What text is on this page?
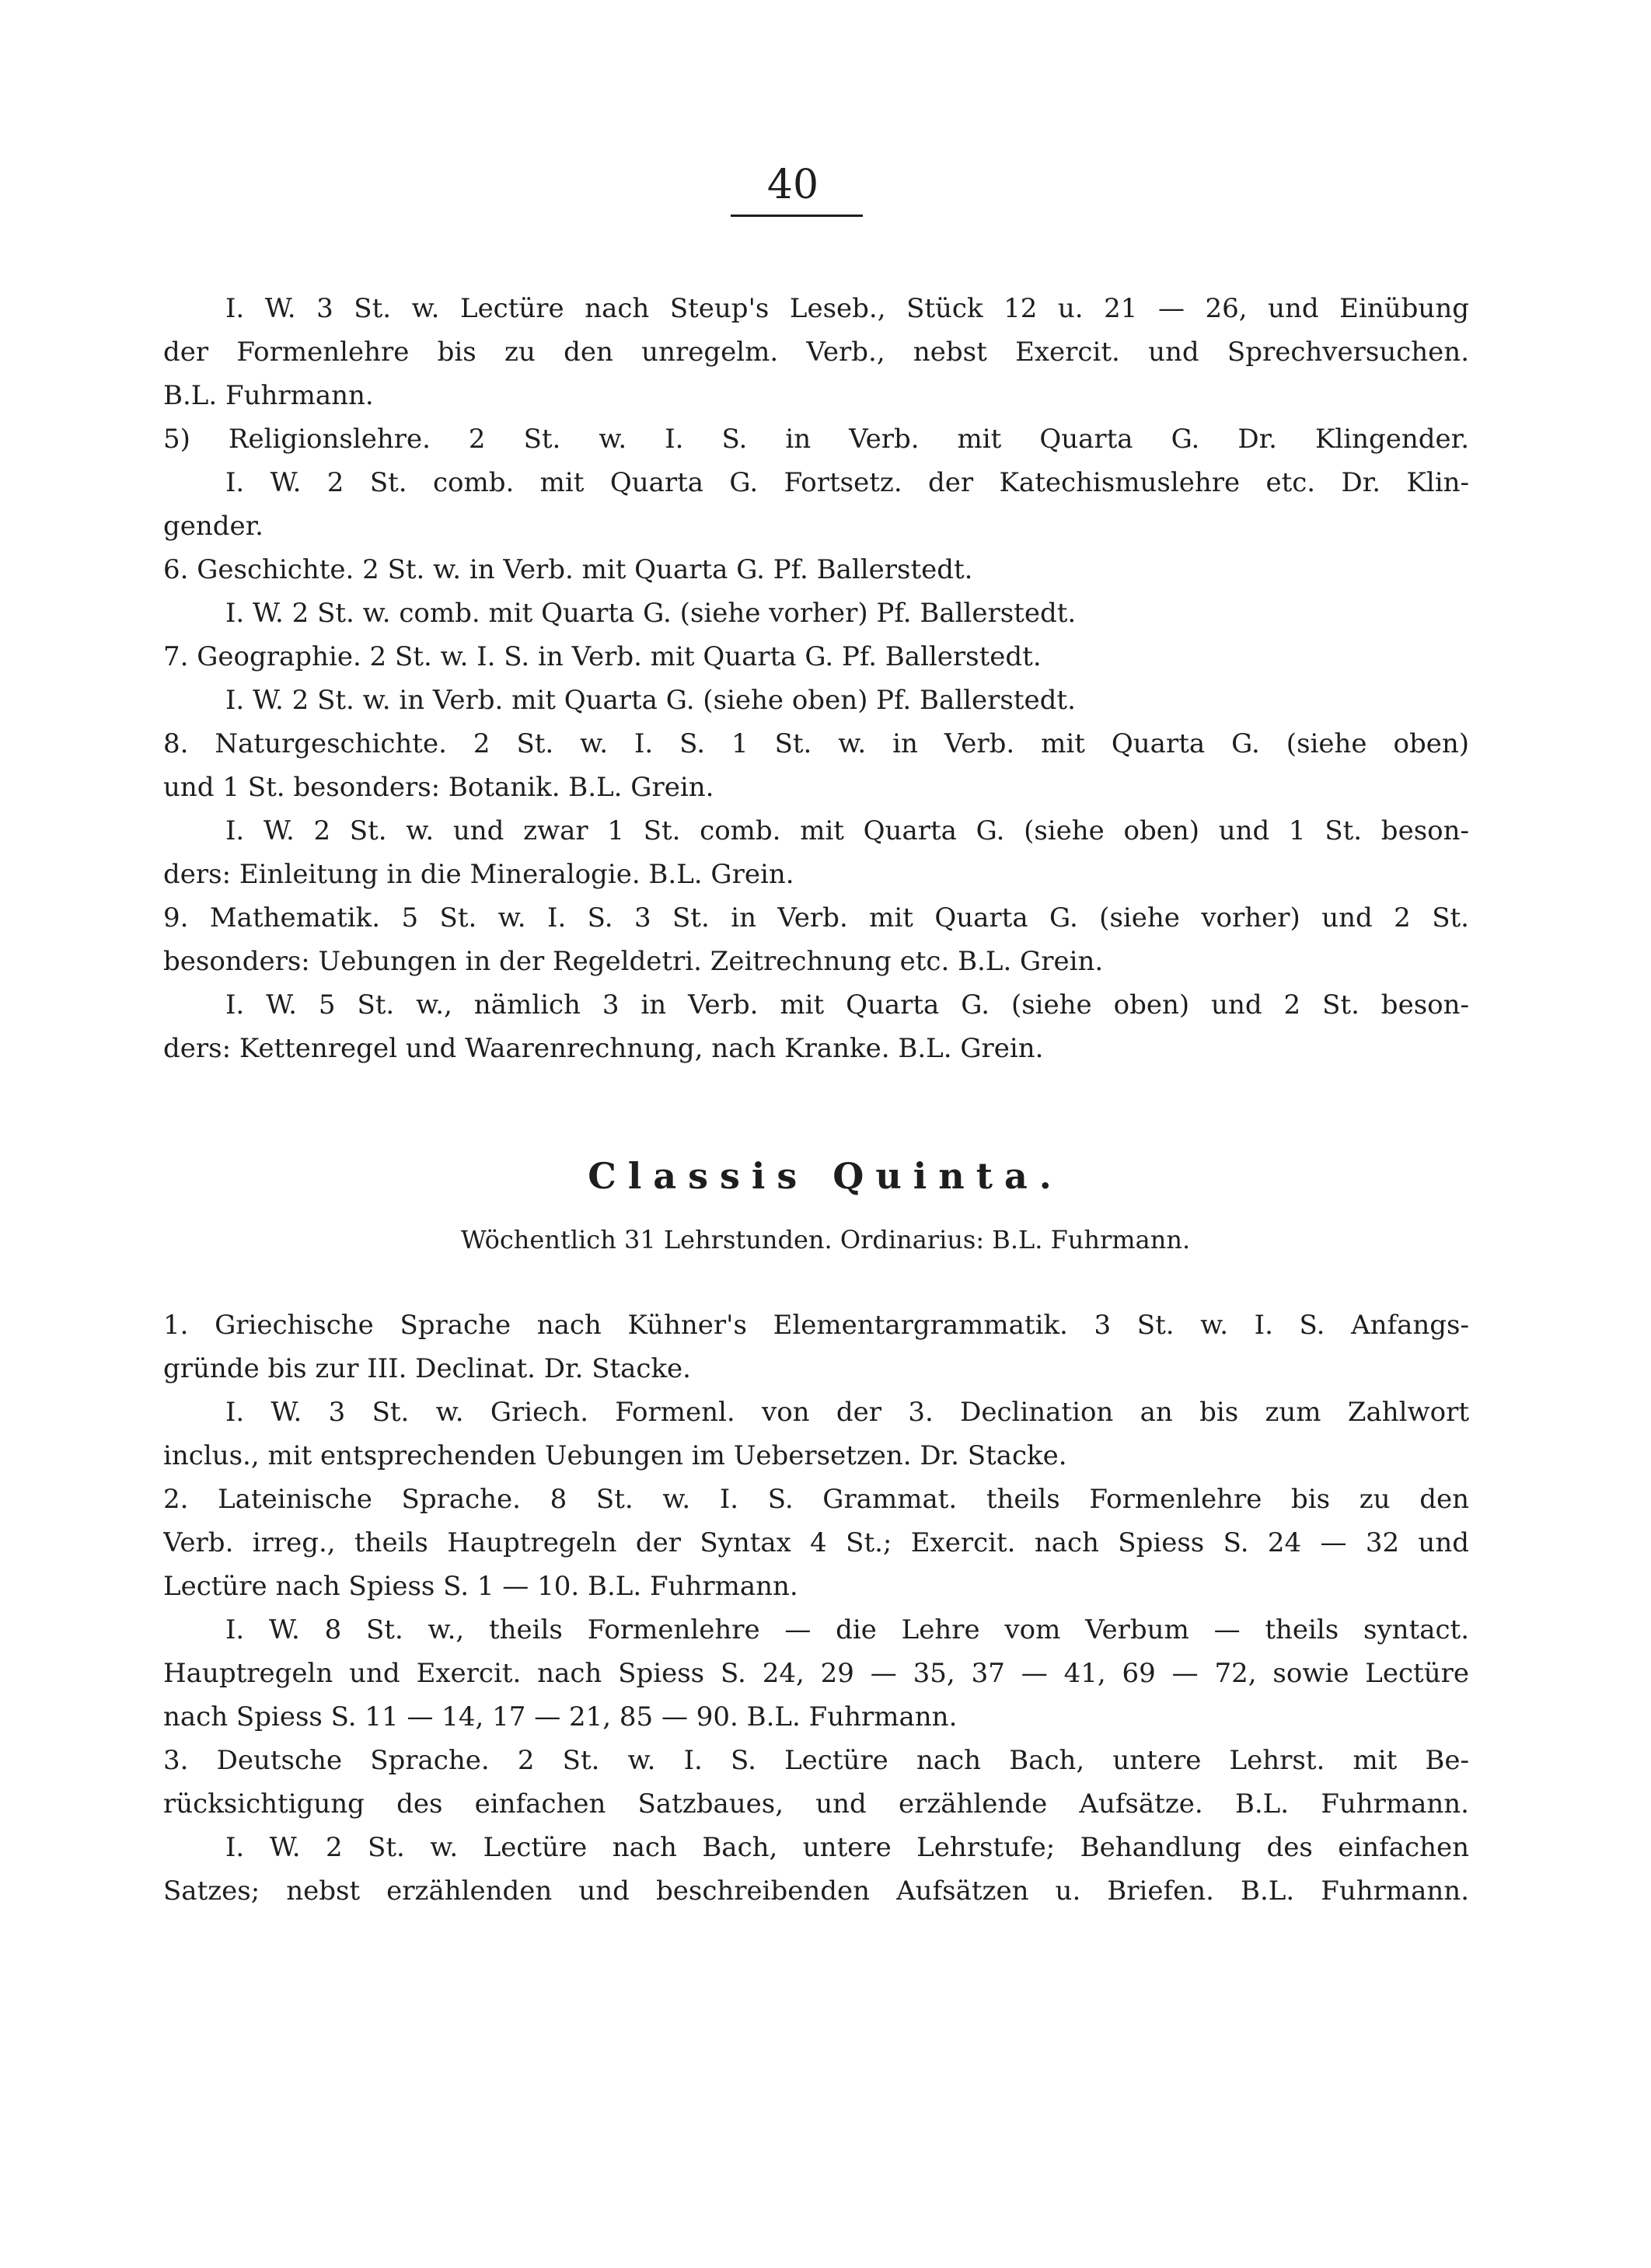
40
I. W. 3 St. w. Lectüre nach Steup's Leseb., Stück 12 u. 21 — 26, und Einübung
der Formenlehre bis zu den unregelm. Verb., nebst Exercit. und Sprechversuchen.
B.L. Fuhrmann.
5) Religionslehre. 2 St. w. I. S. in Verb. mit Quarta G. Dr. Klingender.
I. W. 2 St. comb. mit Quarta G. Fortsetz. der Katechismuslehre etc. Dr. Klin-
gender.
6. Geschichte. 2 St. w. in Verb. mit Quarta G. Pf. Ballerstedt.
I. W. 2 St. w. comb. mit Quarta G. (siehe vorher) Pf. Ballerstedt.
7. Geographie. 2 St. w. I. S. in Verb. mit Quarta G. Pf. Ballerstedt.
I. W. 2 St. w. in Verb. mit Quarta G. (siehe oben) Pf. Ballerstedt.
8. Naturgeschichte. 2 St. w. I. S. 1 St. w. in Verb. mit Quarta G. (siehe oben)
und 1 St. besonders: Botanik. B.L. Grein.
I. W. 2 St. w. und zwar 1 St. comb. mit Quarta G. (siehe oben) und 1 St. beson-
ders: Einleitung in die Mineralogie. B.L. Grein.
9. Mathematik. 5 St. w. I. S. 3 St. in Verb. mit Quarta G. (siehe vorher) und 2 St.
besonders: Uebungen in der Regeldetri. Zeitrechnung etc. B.L. Grein.
I. W. 5 St. w., nämlich 3 in Verb. mit Quarta G. (siehe oben) und 2 St. beson-
ders: Kettenregel und Waarenrechnung, nach Kranke. B.L. Grein.
Classis Quinta.
Wöchentlich 31 Lehrstunden. Ordinarius: B.L. Fuhrmann.
1. Griechische Sprache nach Kühner's Elementargrammatik. 3 St. w. I. S. Anfangs-
gründe bis zur III. Declinat. Dr. Stacke.
I. W. 3 St. w. Griech. Formenl. von der 3. Declination an bis zum Zahlwort
inclus., mit entsprechenden Uebungen im Uebersetzen. Dr. Stacke.
2. Lateinische Sprache. 8 St. w. I. S. Grammat. theils Formenlehre bis zu den
Verb. irreg., theils Hauptregeln der Syntax 4 St.; Exercit. nach Spiess S. 24 — 32 und
Lectüre nach Spiess S. 1 — 10. B.L. Fuhrmann.
I. W. 8 St. w., theils Formenlehre — die Lehre vom Verbum — theils syntact.
Hauptregeln und Exercit. nach Spiess S. 24, 29 — 35, 37 — 41, 69 — 72, sowie Lectüre
nach Spiess S. 11 — 14, 17 — 21, 85 — 90. B.L. Fuhrmann.
3. Deutsche Sprache. 2 St. w. I. S. Lectüre nach Bach, untere Lehrst. mit Be-
rücksichtigung des einfachen Satzbaues, und erzählende Aufsätze. B.L. Fuhrmann.
I. W. 2 St. w. Lectüre nach Bach, untere Lehrstufe; Behandlung des einfachen
Satzes; nebst erzählenden und beschreibenden Aufsätzen u. Briefen. B.L. Fuhrmann.
